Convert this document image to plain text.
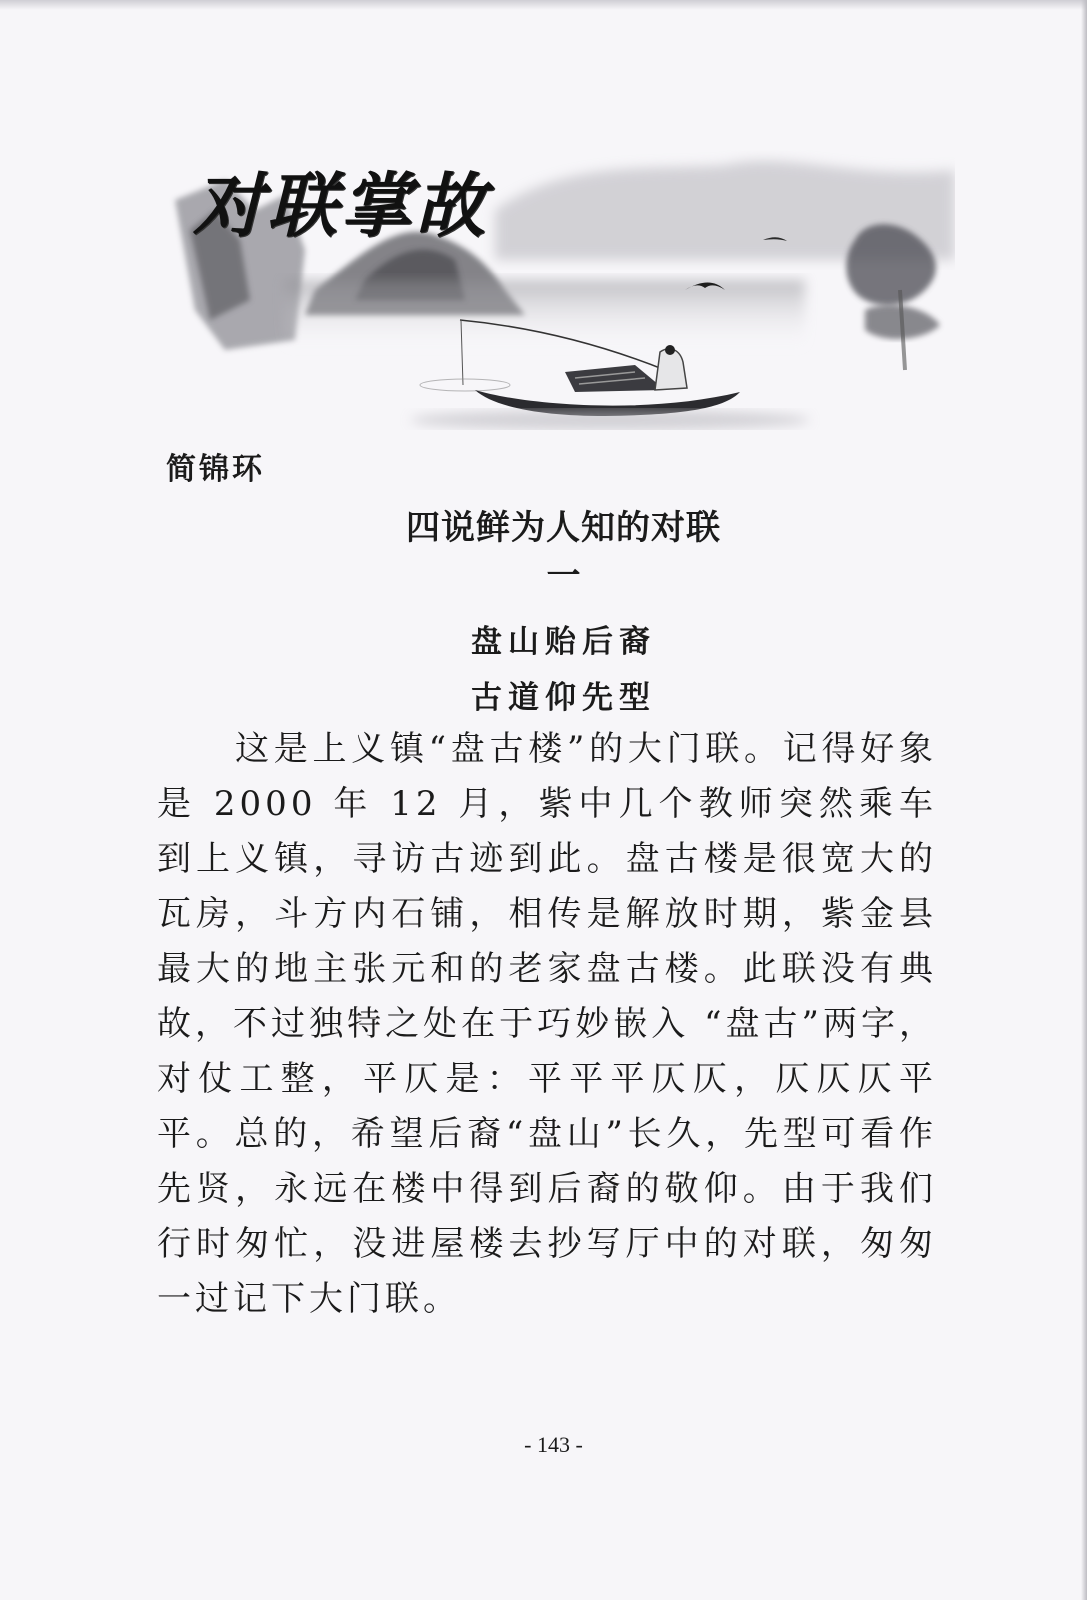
对联掌故
简锦环
四说鲜为人知的对联
一
盘山贻后裔
古道仰先型

这是上义镇“盘古楼”的大门联。记得好象是 2000 年 12 月，紫中几个教师突然乘车到上义镇，寻访古迹到此。盘古楼是很宽大的瓦房，斗方内石铺，相传是解放时期，紫金县最大的地主张元和的老家盘古楼。此联没有典故，不过独特之处在于巧妙嵌入 “盘古”两字，对仗工整，平仄是：平平平仄仄，仄仄仄平平。总的，希望后裔“盘山”长久，先型可看作先贤，永远在楼中得到后裔的敬仰。由于我们行时匆忙，没进屋楼去抄写厅中的对联，匆匆一过记下大门联。

- 143 -
